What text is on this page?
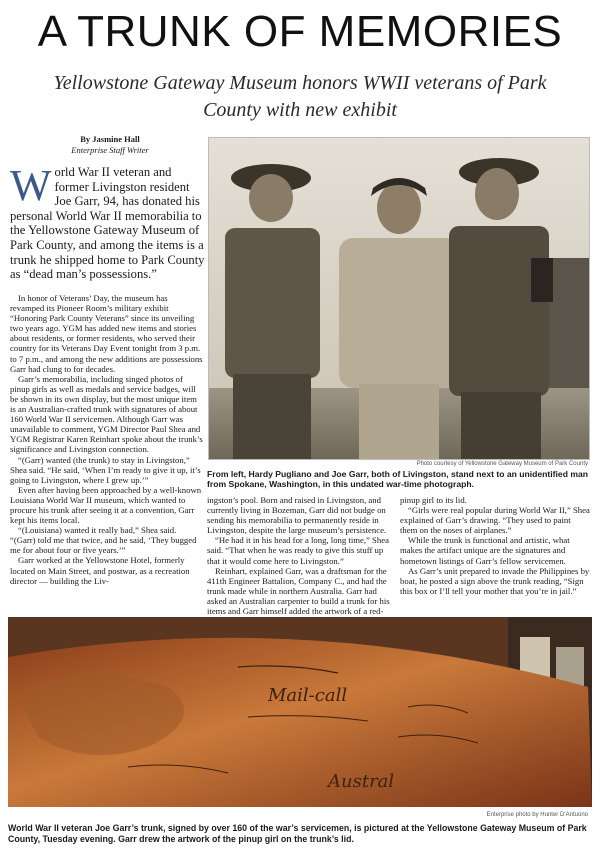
A TRUNK OF MEMORIES
Yellowstone Gateway Museum honors WWII veterans of Park County with new exhibit
By Jasmine Hall
Enterprise Staff Writer
World War II veteran and former Livingston resident Joe Garr, 94, has donated his personal World War II memorabilia to the Yellowstone Gateway Museum of Park County, and among the items is a trunk he shipped home to Park County as “dead man’s possessions.”

In honor of Veterans’ Day, the museum has revamped its Pioneer Room’s military exhibit “Honoring Park County Veterans” since its unveiling two years ago. YGM has added new items and stories about residents, or former residents, who served their country for its Veterans Day Event tonight from 3 p.m. to 7 p.m., and among the new additions are possessions Garr had clung to for decades.

Garr’s memorabilia, including singed photos of pinup girls as well as medals and service badges, will be shown in its own display, but the most unique item is an Australian-crafted trunk with signatures of about 160 World War II servicemen. Although Garr was unavailable to comment, YGM Director Paul Shea and YGM Registrar Karen Reinhart spoke about the trunk’s significance and Livingston connection.

“(Garr) wanted (the trunk) to stay in Livingston,” Shea said. “He said, ‘When I’m ready to give it up, it’s going to Livingston, where I grew up.’”

Even after having been approached by a well-known Louisiana World War II museum, which wanted to procure his trunk after seeing it at a convention, Garr kept his items local.

“(Louisiana) wanted it really bad,” Shea said. “(Garr) told me that twice, and he said, ‘They bugged me for about four or five years.’”

Garr worked at the Yellowstone Hotel, formerly located on Main Street, and postwar, as a recreation director — building the Liv-

Photo courtesy of Yellowstone Gateway Museum of Park County
From left, Hardy Pugliano and Joe Garr, both of Livingston, stand next to an unidentified man from Spokane, Washington, in this undated war-time photograph.

ingston’s pool. Born and raised in Livingston, and currently living in Bozeman, Garr did not budge on sending his memorabilia to permanently reside in Livingston, despite the large museum’s persistence.

“He had it in his head for a long, long time,” Shea said. “That when he was ready to give this stuff up that it would come here to Livingston.”

Reinhart, explained Garr, was a draftsman for the 411th Engineer Battalion, Company C., and had the trunk made while in northern Australia. Garr had asked an Australian carpenter to build a trunk for his items and Garr himself added the artwork of a red-

pinup girl to its lid.

“Girls were real popular during World War II,” Shea explained of Garr’s drawing. “They used to paint them on the noses of airplanes.”

While the trunk is functional and artistic, what makes the artifact unique are the signatures and hometown listings of Garr’s fellow servicemen.

As Garr’s unit prepared to invade the Philippines by boat, he posted a sign above the trunk reading, “Sign this box or I’ll tell your mother that you’re in jail.”

Mail-call
Austral
Enterprise photo by Hunter D’Antuono
World War II veteran Joe Garr’s trunk, signed by over 160 of the war’s servicemen, is pictured at the Yellowstone Gateway Museum of Park County, Tuesday evening. Garr drew the artwork of the pinup girl on the trunk’s lid.
